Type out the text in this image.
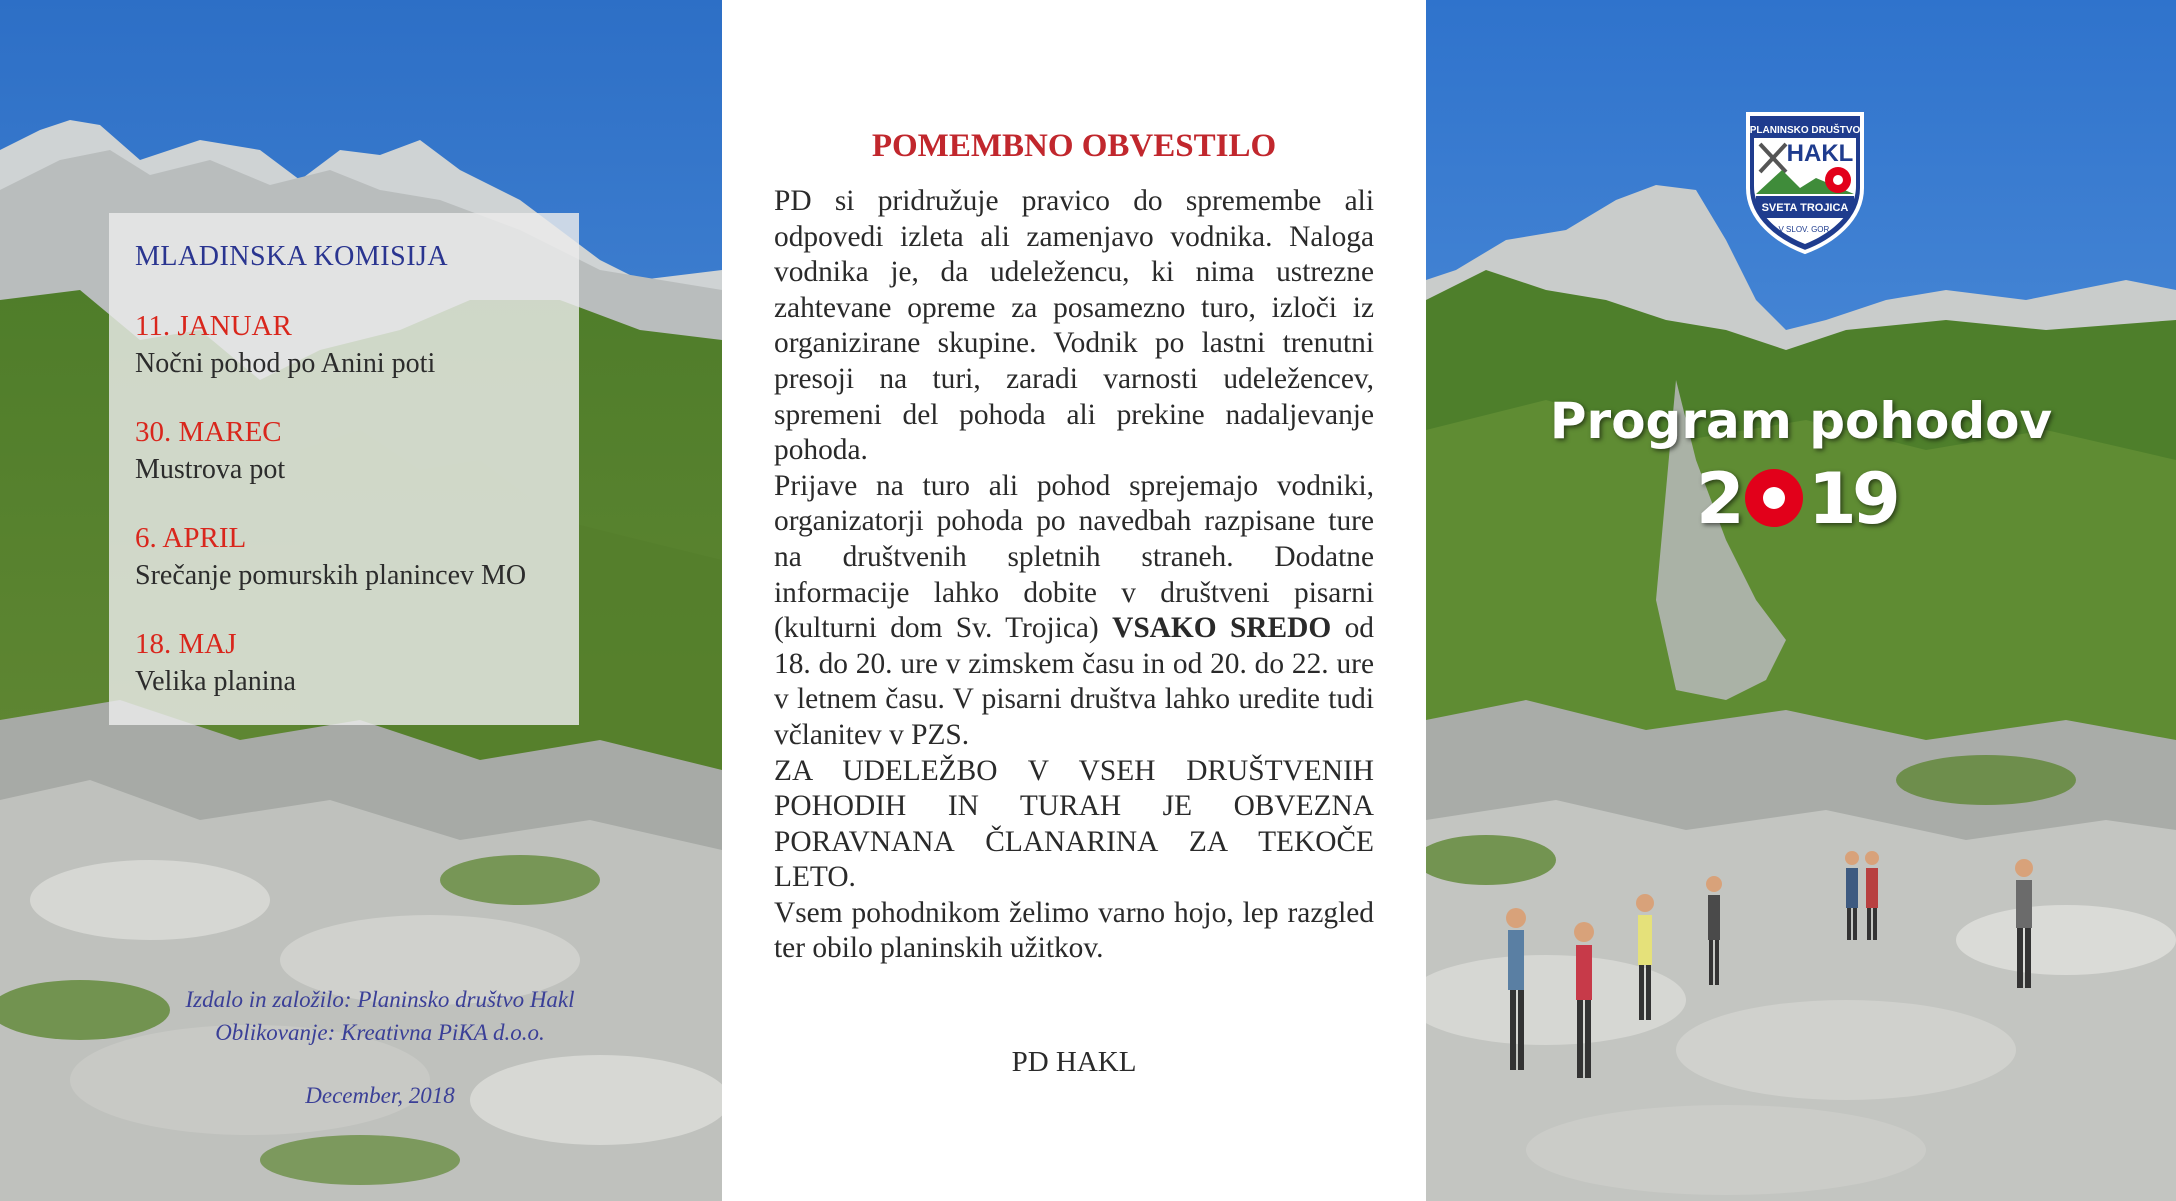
MLADINSKA KOMISIJA
11. JANUAR
Nočni pohod po Anini poti
30. MAREC
Mustrova pot
6. APRIL
Srečanje pomurskih planincev MO
18. MAJ
Velika planina
Izdalo in založilo: Planinsko društvo Hakl
Oblikovanje: Kreativna PiKA d.o.o.
December, 2018
POMEMBNO OBVESTILO

PD si pridružuje pravico do spremembe ali odpovedi izleta ali zamenjavo vodnika. Naloga vodnika je, da udeležencu, ki nima ustrezne zahtevane opreme za posamezno turo, izloči iz organizirane skupine. Vodnik po lastni trenutni presoji na turi, zaradi varnosti udeležencev, spremeni del pohoda ali prekine nadaljevanje pohoda.

Prijave na turo ali pohod sprejemajo vodniki, organizatorji pohoda po navedbah razpisane ture na društvenih spletnih straneh. Dodatne informacije lahko dobite v društveni pisarni (kulturni dom Sv. Trojica) VSAKO SREDO od 18. do 20. ure v zimskem času in od 20. do 22. ure v letnem času. V pisarni društva lahko uredite tudi včlanitev v PZS.

ZA UDELEŽBO V VSEH DRUŠTVENIH POHODIH IN TURAH JE OBVEZNA PORAVNANA ČLANARINA ZA TEKOČE LETO.

Vsem pohodnikom želimo varno hojo, lep razgled ter obilo planinskih užitkov.

PD HAKL
PLANINSKO DRUŠTVO
HAKL
SVETA TROJICA
V SLOV. GOR.
Program pohodov
2 1
9
